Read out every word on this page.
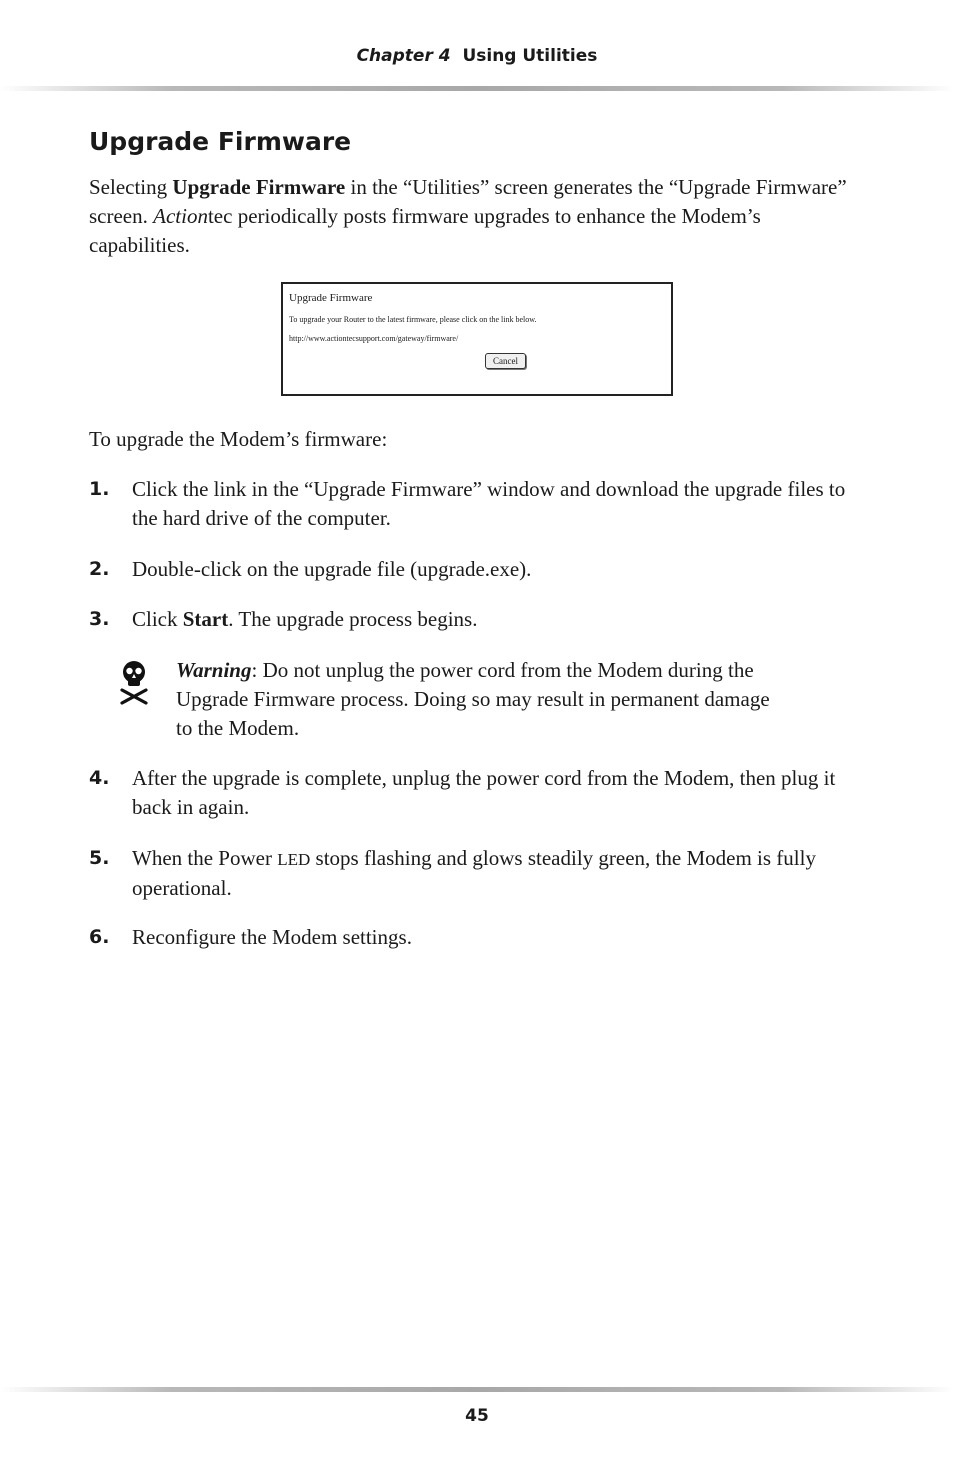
Chapter 4 Using Utilities
Upgrade Firmware
Selecting Upgrade Firmware in the “Utilities” screen generates the “Upgrade Firmware” screen. Actiontec periodically posts firmware upgrades to enhance the Modem’s capabilities.
Upgrade Firmware
To upgrade your Router to the latest firmware, please click on the link below.
http://www.actiontecsupport.com/gateway/firmware/
Cancel
To upgrade the Modem’s firmware:
1. Click the link in the “Upgrade Firmware” window and download the upgrade files to the hard drive of the computer.
2. Double-click on the upgrade file (upgrade.exe).
3. Click Start. The upgrade process begins.
Warning: Do not unplug the power cord from the Modem during the Upgrade Firmware process. Doing so may result in permanent damage to the Modem.
4. After the upgrade is complete, unplug the power cord from the Modem, then plug it back in again.
5. When the Power LED stops flashing and glows steadily green, the Modem is fully operational.
6. Reconfigure the Modem settings.
45
